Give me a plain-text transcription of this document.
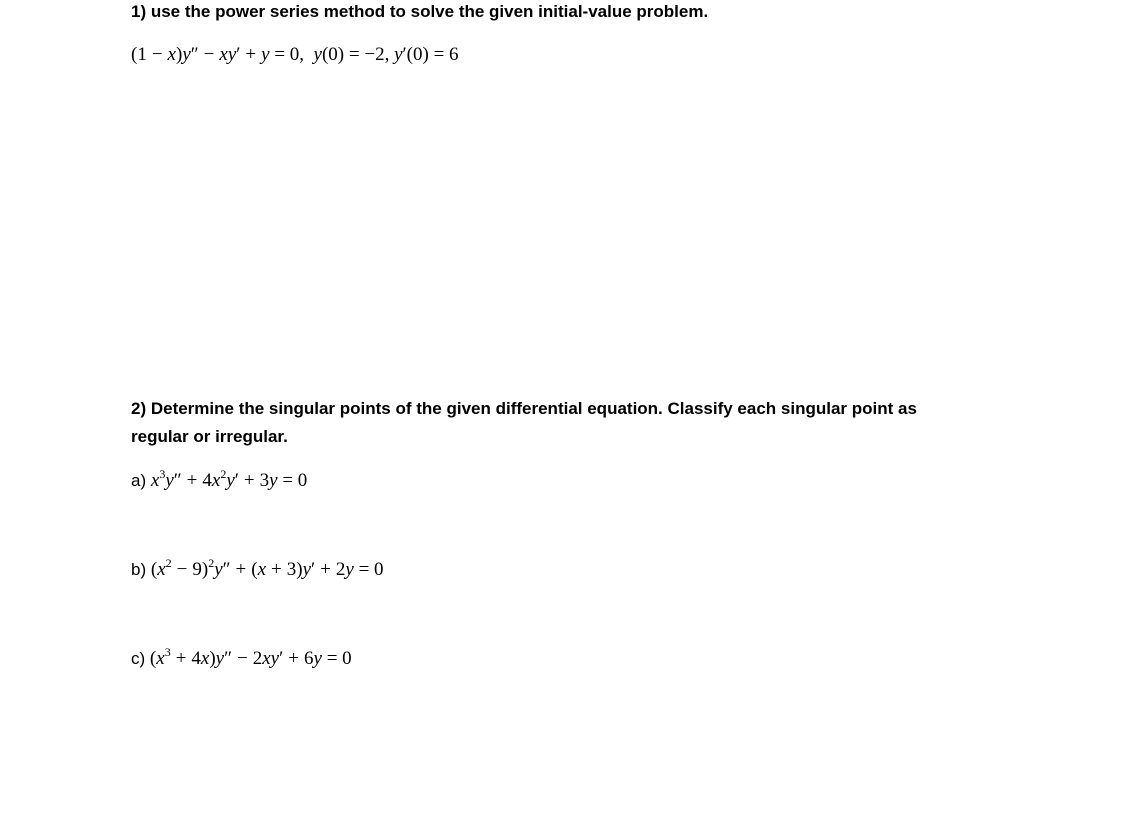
1) use the power series method to solve the given initial-value problem.
(1 − x)y″ − xy′ + y = 0,  y(0) = −2, y′(0) = 6
2) Determine the singular points of the given differential equation. Classify each singular point as
regular or irregular.
a) $x^3y'' + 4x^2y' + 3y = 0$
b) $(x^2 - 9)^2y'' + (x + 3)y' + 2y = 0$
c) $(x^3 + 4x)y'' - 2xy' + 6y = 0$
